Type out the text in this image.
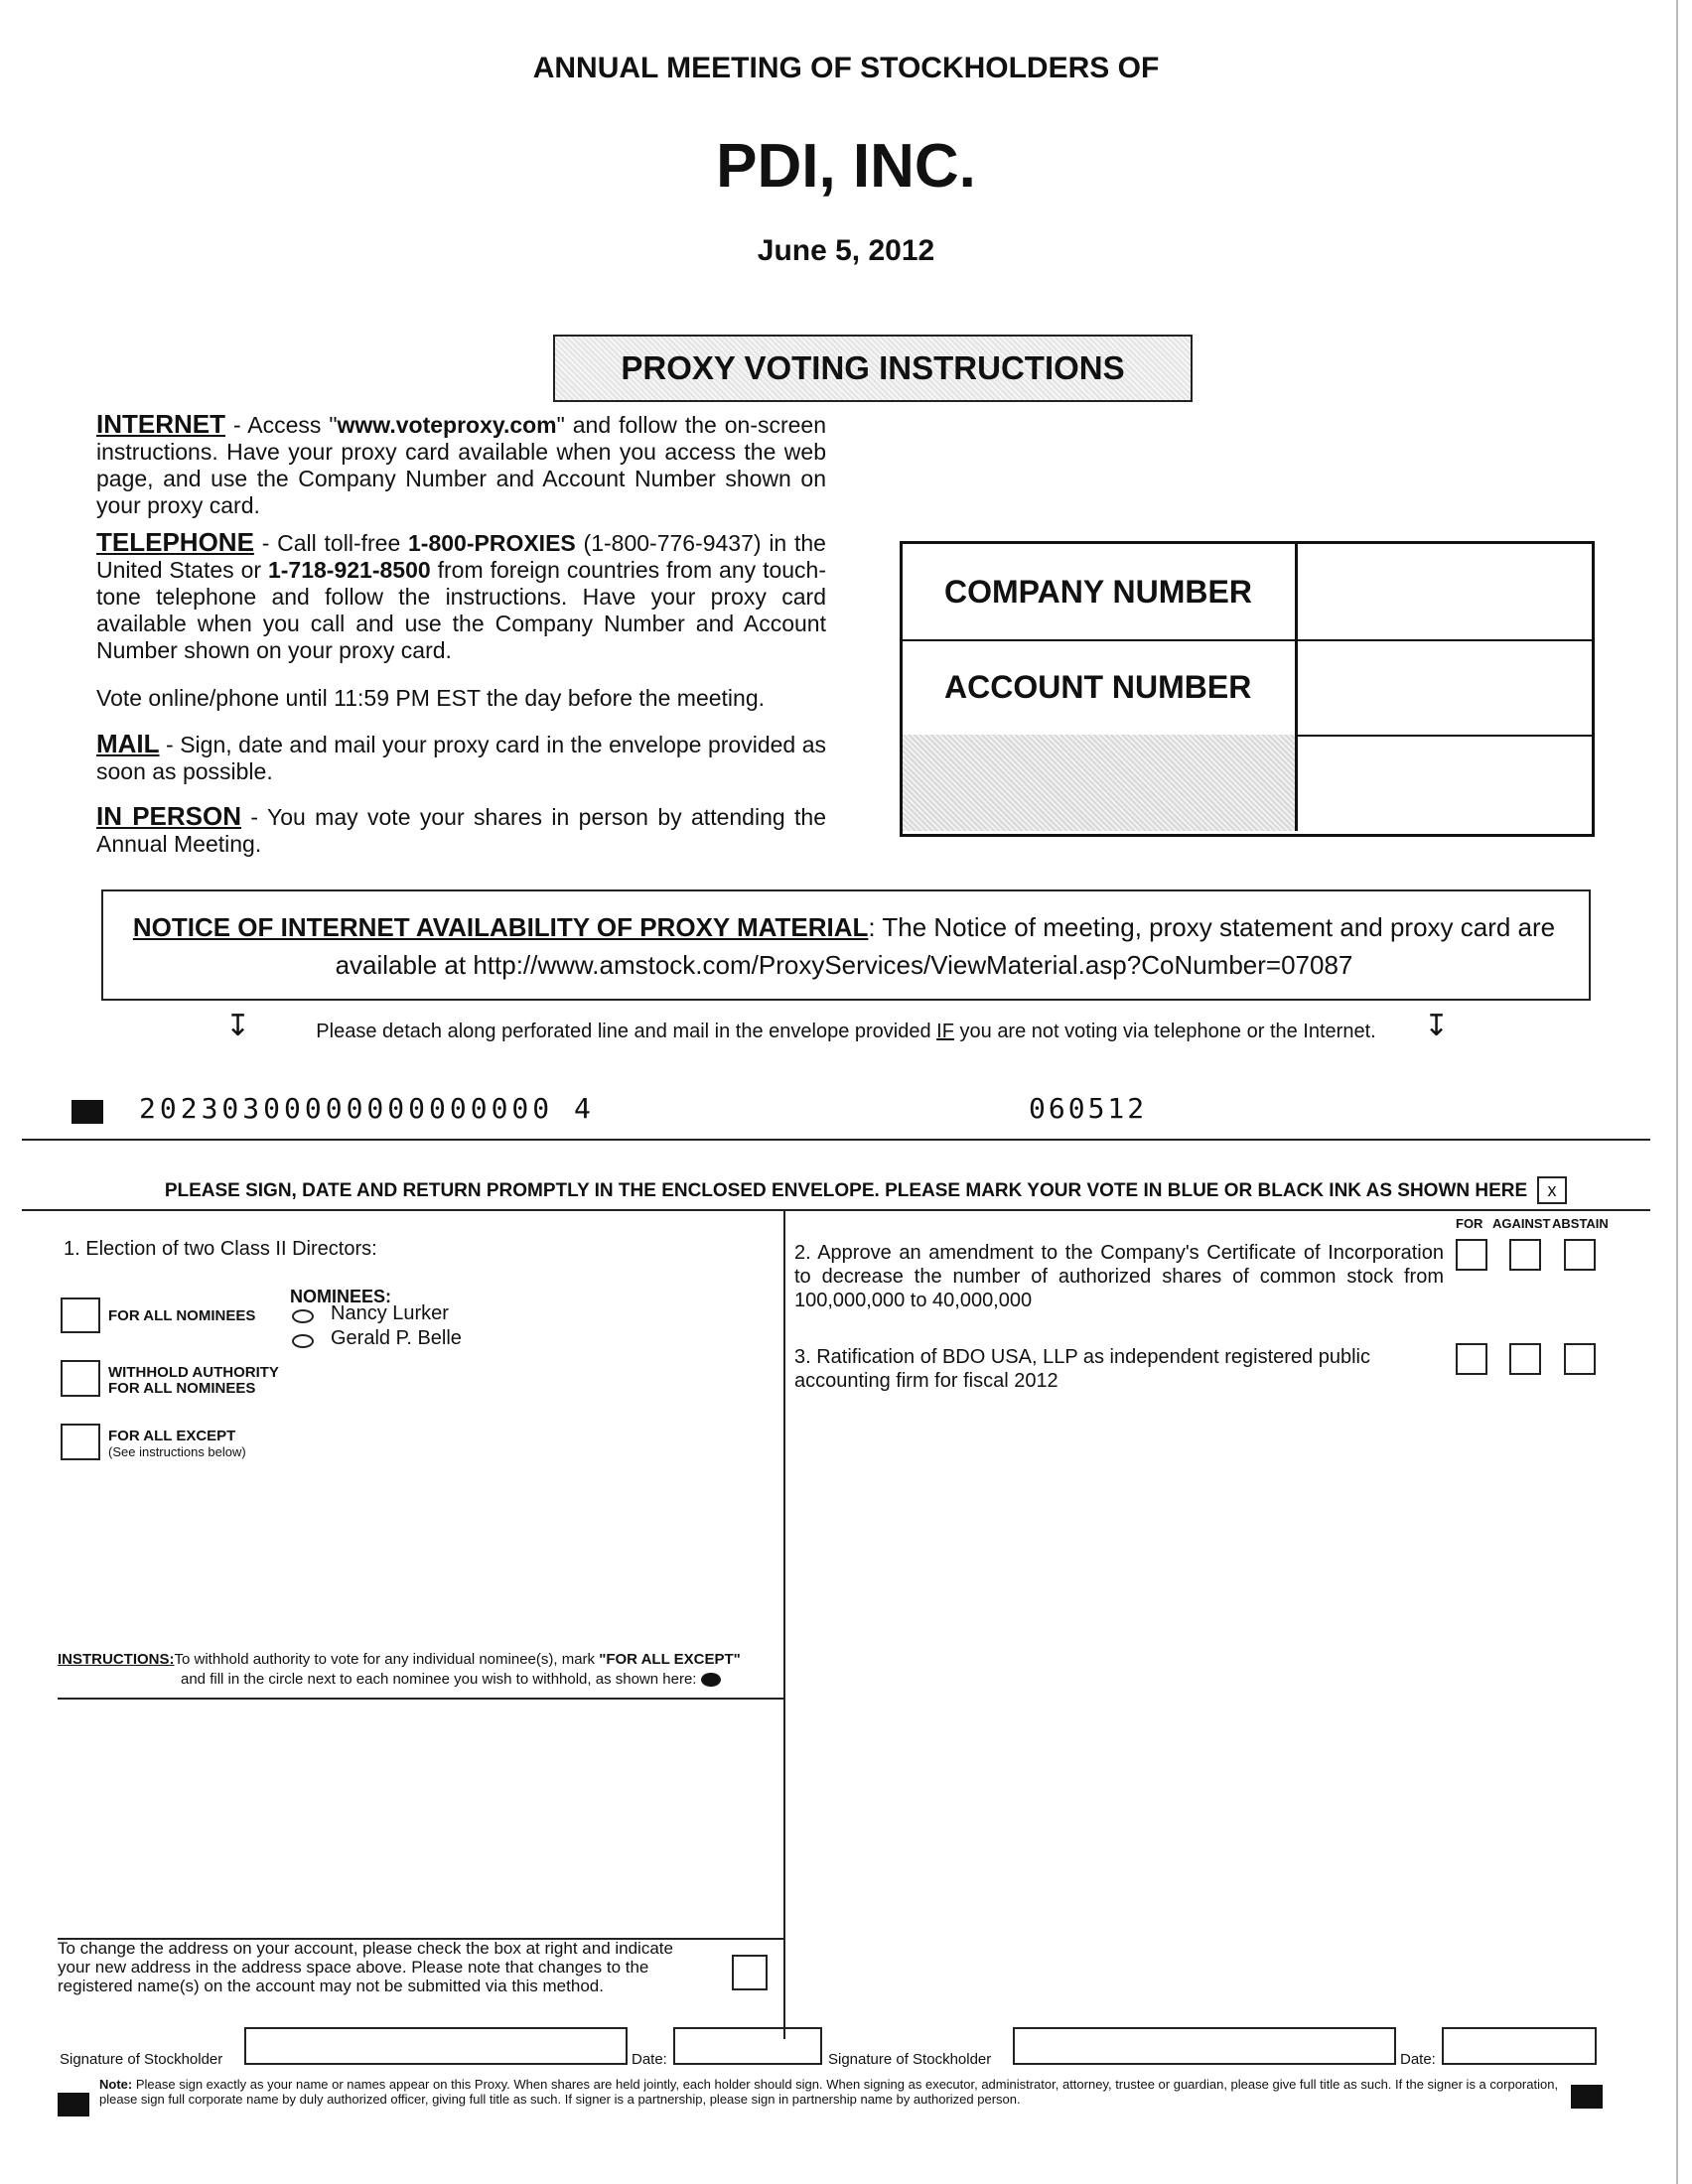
ANNUAL MEETING OF STOCKHOLDERS OF
PDI, INC.
June 5, 2012
PROXY VOTING INSTRUCTIONS
INTERNET - Access "www.voteproxy.com" and follow the on-screen instructions. Have your proxy card available when you access the web page, and use the Company Number and Account Number shown on your proxy card.
TELEPHONE - Call toll-free 1-800-PROXIES (1-800-776-9437) in the United States or 1-718-921-8500 from foreign countries from any touch-tone telephone and follow the instructions. Have your proxy card available when you call and use the Company Number and Account Number shown on your proxy card.
Vote online/phone until 11:59 PM EST the day before the meeting.
MAIL - Sign, date and mail your proxy card in the envelope provided as soon as possible.
IN PERSON - You may vote your shares in person by attending the Annual Meeting.
COMPANY NUMBER
ACCOUNT NUMBER
NOTICE OF INTERNET AVAILABILITY OF PROXY MATERIAL: The Notice of meeting, proxy statement and proxy card are available at http://www.amstock.com/ProxyServices/ViewMaterial.asp?CoNumber=07087
↧	↧
Please detach along perforated line and mail in the envelope provided IF you are not voting via telephone or the Internet.
20230300000000000000 4	060512
PLEASE SIGN, DATE AND RETURN PROMPTLY IN THE ENCLOSED ENVELOPE. PLEASE MARK YOUR VOTE IN BLUE OR BLACK INK AS SHOWN HERE	x
1. Election of two Class II Directors:
NOMINEES:
Nancy Lurker
Gerald P. Belle
FOR ALL NOMINEES
WITHHOLD AUTHORITY
FOR ALL NOMINEES
FOR ALL EXCEPT
(See instructions below)
INSTRUCTIONS:To withhold authority to vote for any individual nominee(s), mark "FOR ALL EXCEPT"
and fill in the circle next to each nominee you wish to withhold, as shown here:
To change the address on your account, please check the box at right and indicate your new address in the address space above. Please note that changes to the registered name(s) on the account may not be submitted via this method.
FOR AGAINST ABSTAIN
2. Approve an amendment to the Company's Certificate of Incorporation to decrease the number of authorized shares of common stock from 100,000,000 to 40,000,000
3. Ratification of BDO USA, LLP as independent registered public accounting firm for fiscal 2012
Signature of Stockholder	Date:	Signature of Stockholder	Date:
Note: Please sign exactly as your name or names appear on this Proxy. When shares are held jointly, each holder should sign. When signing as executor, administrator, attorney, trustee or guardian, please give full title as such. If the signer is a corporation, please sign full corporate name by duly authorized officer, giving full title as such. If signer is a partnership, please sign in partnership name by authorized person.
